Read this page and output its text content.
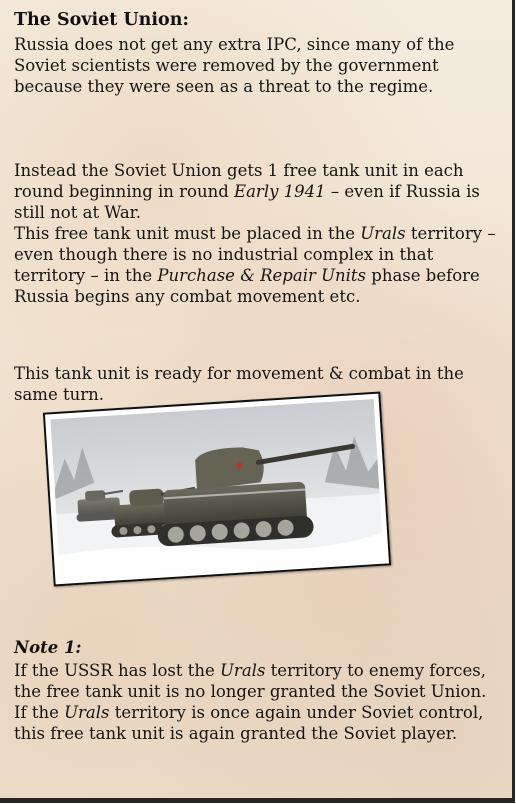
The Soviet Union:

Russia does not get any extra IPC, since many of the Soviet scientists were removed by the government because they were seen as a threat to the regime.

Instead the Soviet Union gets 1 free tank unit in each round beginning in round Early 1941 – even if Russia is still not at War.

This free tank unit must be placed in the Urals territory – even though there is no industrial complex in that territory – in the Purchase & Repair Units phase before Russia begins any combat movement etc.

This tank unit is ready for movement & combat in the same turn.

Note 1:

If the USSR has lost the Urals territory to enemy forces, the free tank unit is no longer granted the Soviet Union.
If the Urals territory is once again under Soviet control, this free tank unit is again granted the Soviet player.
